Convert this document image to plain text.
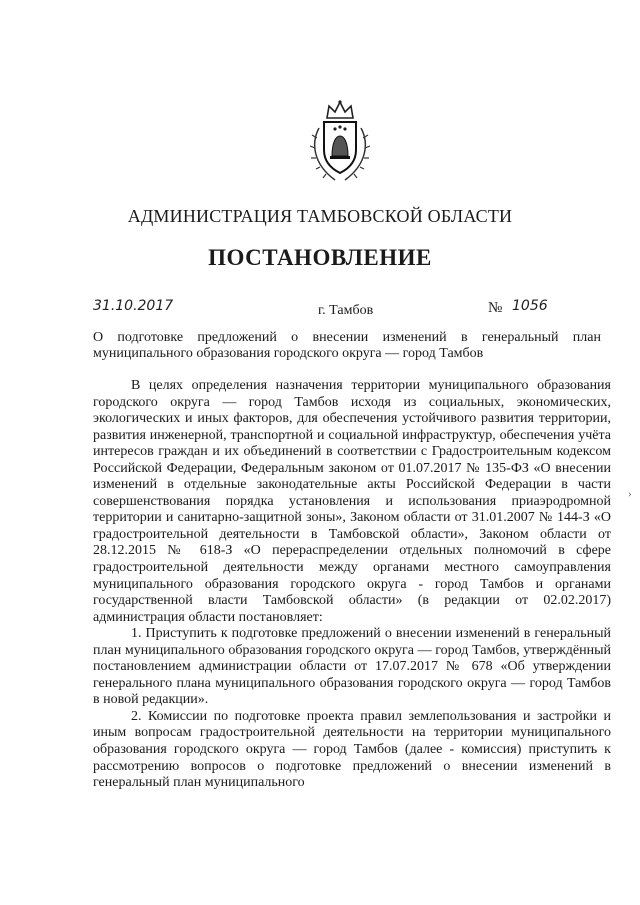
АДМИНИСТРАЦИЯ ТАМБОВСКОЙ ОБЛАСТИ
ПОСТАНОВЛЕНИЕ
31.10.2017	г. Тамбов	№ 1056
О подготовке предложений о внесении изменений в генеральный план муниципального образования городского округа — город Тамбов

В целях определения назначения территории муниципального образования городского округа — город Тамбов исходя из социальных, экономических, экологических и иных факторов, для обеспечения устойчивого развития территории, развития инженерной, транспортной и социальной инфраструктур, обеспечения учёта интересов граждан и их объединений в соответствии с Градостроительным кодексом Российской Федерации, Федеральным законом от 01.07.2017 № 135-ФЗ «О внесении изменений в отдельные законодательные акты Российской Федерации в части совершенствования порядка установления и использования приаэродромной территории и санитарно-защитной зоны», Законом области от 31.01.2007 № 144-З «О градостроительной деятельности в Тамбовской области», Законом области от 28.12.2015 № 618-З «О перераспределении отдельных полномочий в сфере градостроительной деятельности между органами местного самоуправления муниципального образования городского округа - город Тамбов и органами государственной власти Тамбовской области» (в редакции от 02.02.2017) администрация области постановляет:

1. Приступить к подготовке предложений о внесении изменений в генеральный план муниципального образования городского округа — город Тамбов, утверждённый постановлением администрации области от 17.07.2017 № 678 «Об утверждении генерального плана муниципального образования городского округа — город Тамбов в новой редакции».

2. Комиссии по подготовке проекта правил землепользования и застройки и иным вопросам градостроительной деятельности на территории муниципального образования городского округа — город Тамбов (далее - комиссия) приступить к рассмотрению вопросов о подготовке предложений о внесении изменений в генеральный план муниципального

›
